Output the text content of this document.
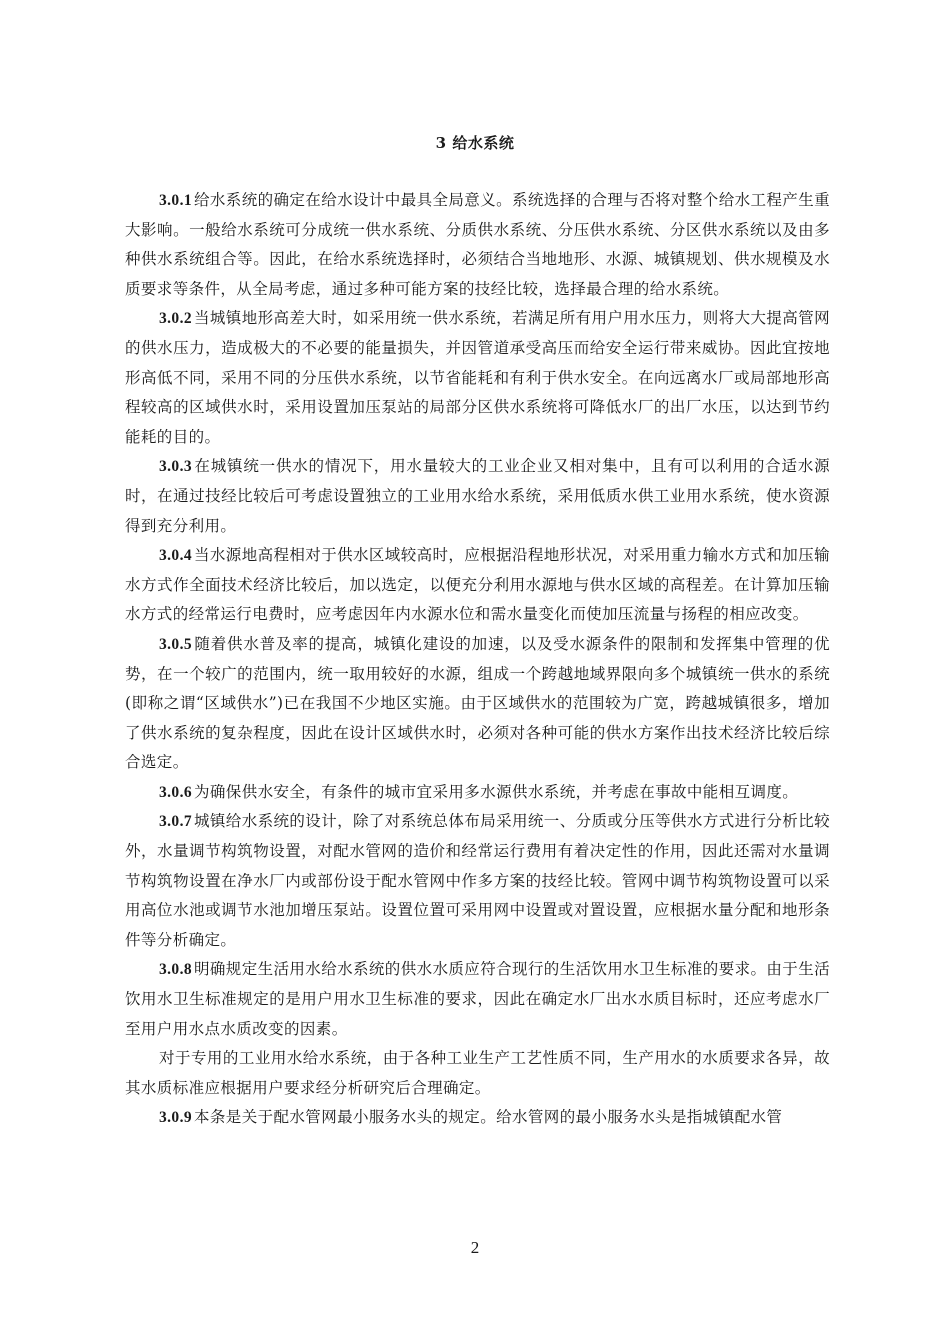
3 给水系统

3.0.1 给水系统的确定在给水设计中最具全局意义。系统选择的合理与否将对整个给水工程产生重大影响。一般给水系统可分成统一供水系统、分质供水系统、分压供水系统、分区供水系统以及由多种供水系统组合等。因此，在给水系统选择时，必须结合当地地形、水源、城镇规划、供水规模及水质要求等条件，从全局考虑，通过多种可能方案的技经比较，选择最合理的给水系统。

3.0.2 当城镇地形高差大时，如采用统一供水系统，若满足所有用户用水压力，则将大大提高管网的供水压力，造成极大的不必要的能量损失，并因管道承受高压而给安全运行带来威协。因此宜按地形高低不同，采用不同的分压供水系统，以节省能耗和有利于供水安全。在向远离水厂或局部地形高程较高的区域供水时，采用设置加压泵站的局部分区供水系统将可降低水厂的出厂水压，以达到节约能耗的目的。

3.0.3 在城镇统一供水的情况下，用水量较大的工业企业又相对集中，且有可以利用的合适水源时，在通过技经比较后可考虑设置独立的工业用水给水系统，采用低质水供工业用水系统，使水资源得到充分利用。

3.0.4 当水源地高程相对于供水区域较高时，应根据沿程地形状况，对采用重力输水方式和加压输水方式作全面技术经济比较后，加以选定，以便充分利用水源地与供水区域的高程差。在计算加压输水方式的经常运行电费时，应考虑因年内水源水位和需水量变化而使加压流量与扬程的相应改变。

3.0.5 随着供水普及率的提高，城镇化建设的加速，以及受水源条件的限制和发挥集中管理的优势，在一个较广的范围内，统一取用较好的水源，组成一个跨越地域界限向多个城镇统一供水的系统(即称之谓“区域供水”)已在我国不少地区实施。由于区域供水的范围较为广宽，跨越城镇很多，增加了供水系统的复杂程度，因此在设计区域供水时，必须对各种可能的供水方案作出技术经济比较后综合选定。

3.0.6 为确保供水安全，有条件的城市宜采用多水源供水系统，并考虑在事故中能相互调度。

3.0.7 城镇给水系统的设计，除了对系统总体布局采用统一、分质或分压等供水方式进行分析比较外，水量调节构筑物设置，对配水管网的造价和经常运行费用有着决定性的作用，因此还需对水量调节构筑物设置在净水厂内或部份设于配水管网中作多方案的技经比较。管网中调节构筑物设置可以采用高位水池或调节水池加增压泵站。设置位置可采用网中设置或对置设置，应根据水量分配和地形条件等分析确定。

3.0.8 明确规定生活用水给水系统的供水水质应符合现行的生活饮用水卫生标准的要求。由于生活饮用水卫生标准规定的是用户用水卫生标准的要求，因此在确定水厂出水水质目标时，还应考虑水厂至用户用水点水质改变的因素。

对于专用的工业用水给水系统，由于各种工业生产工艺性质不同，生产用水的水质要求各异，故其水质标准应根据用户要求经分析研究后合理确定。

3.0.9 本条是关于配水管网最小服务水头的规定。给水管网的最小服务水头是指城镇配水管

2
